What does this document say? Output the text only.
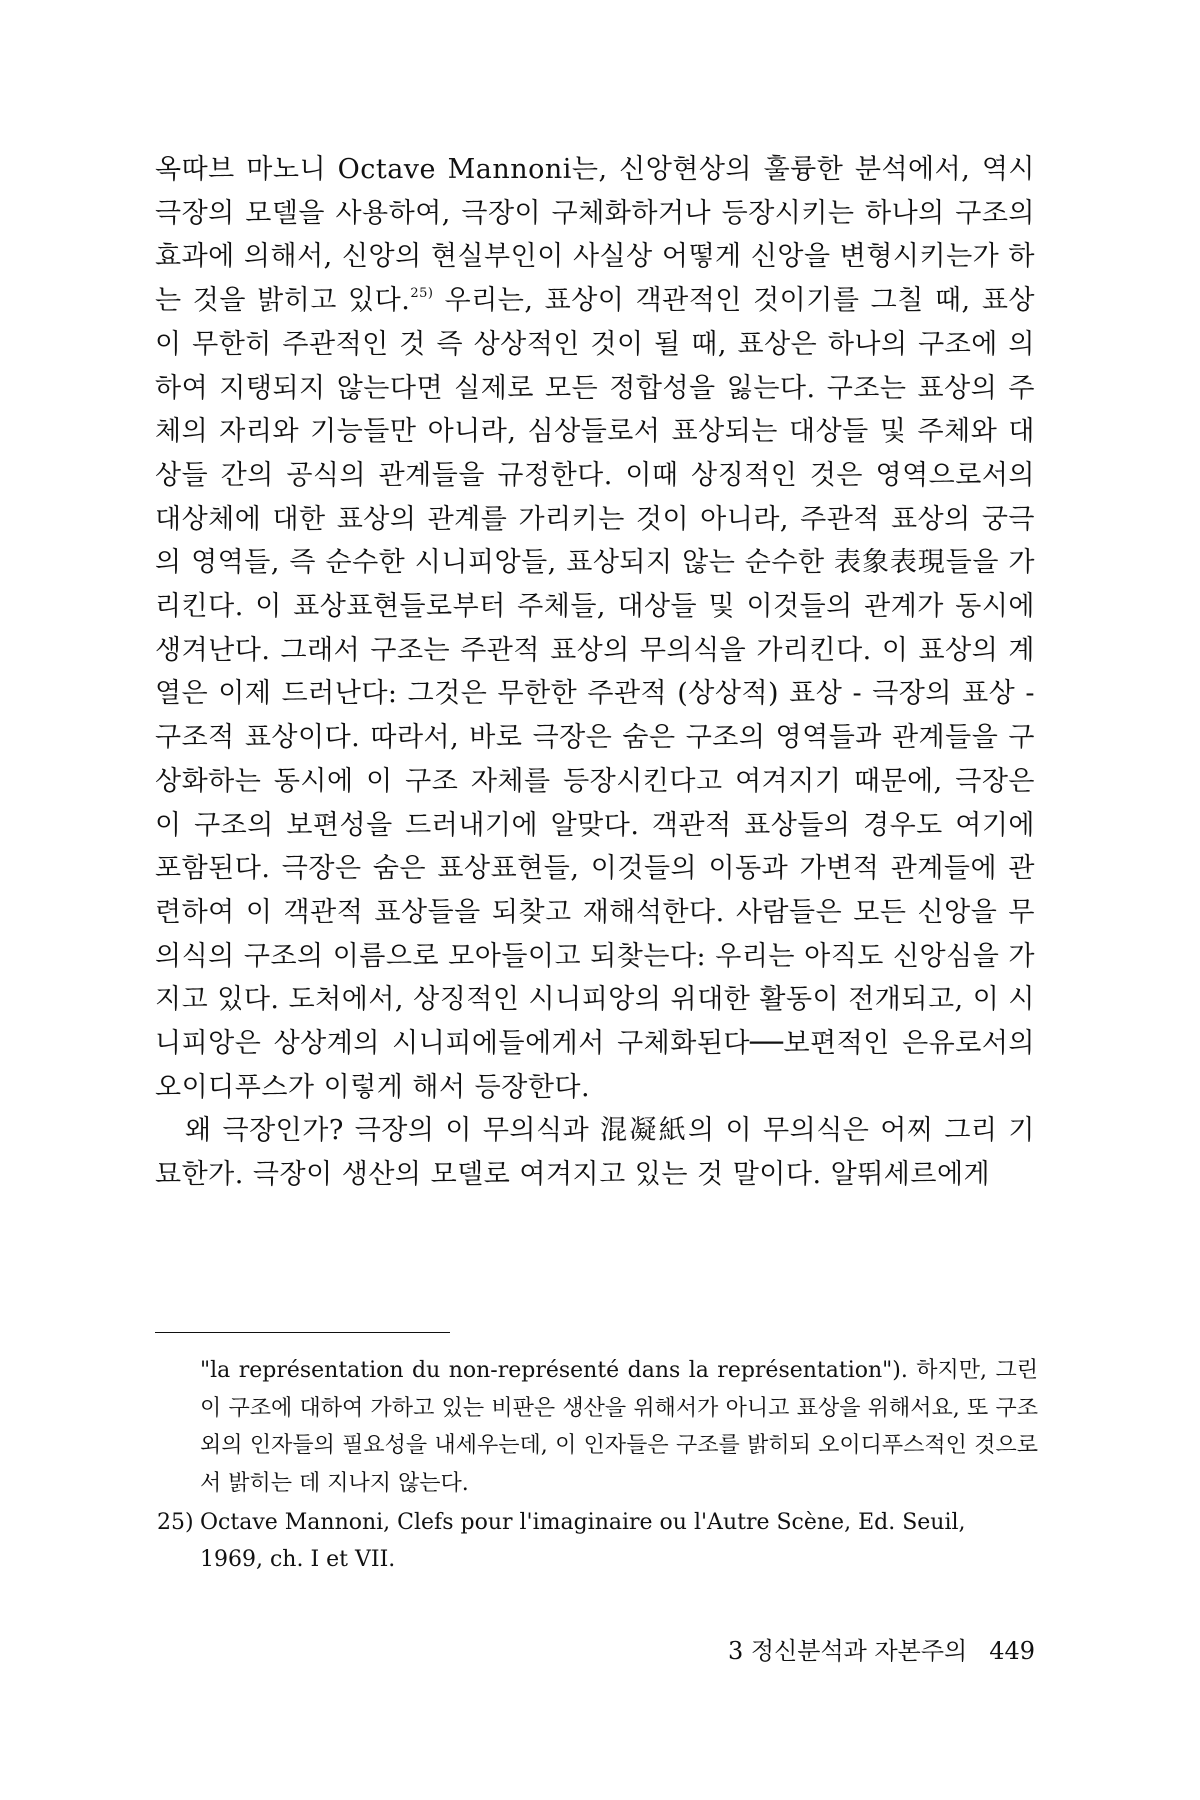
옥따브 마노니 Octave Mannoni는, 신앙현상의 훌륭한 분석에서, 역시 극장의 모델을 사용하여, 극장이 구체화하거나 등장시키는 하나의 구조의 효과에 의해서, 신앙의 현실부인이 사실상 어떻게 신앙을 변형시키는가 하는 것을 밝히고 있다.$^{25)}$ 우리는, 표상이 객관적인 것이기를 그칠 때, 표상이 무한히 주관적인 것 즉 상상적인 것이 될 때, 표상은 하나의 구조에 의하여 지탱되지 않는다면 실제로 모든 정합성을 잃는다. 구조는 표상의 주체의 자리와 기능들만 아니라, 심상들로서 표상되는 대상들 및 주체와 대상들 간의 공식의 관계들을 규정한다. 이때 상징적인 것은 영역으로서의 대상체에 대한 표상의 관계를 가리키는 것이 아니라, 주관적 표상의 궁극의 영역들, 즉 순수한 시니피앙들, 표상되지 않는 순수한 表象表現들을 가리킨다. 이 표상표현들로부터 주체들, 대상들 및 이것들의 관계가 동시에 생겨난다. 그래서 구조는 주관적 표상의 무의식을 가리킨다. 이 표상의 계열은 이제 드러난다: 그것은 무한한 주관적 (상상적) 표상 - 극장의 표상 - 구조적 표상이다. 따라서, 바로 극장은 숨은 구조의 영역들과 관계들을 구상화하는 동시에 이 구조 자체를 등장시킨다고 여겨지기 때문에, 극장은 이 구조의 보편성을 드러내기에 알맞다. 객관적 표상들의 경우도 여기에 포함된다. 극장은 숨은 표상표현들, 이것들의 이동과 가변적 관계들에 관련하여 이 객관적 표상들을 되찾고 재해석한다. 사람들은 모든 신앙을 무의식의 구조의 이름으로 모아들이고 되찾는다: 우리는 아직도 신앙심을 가지고 있다. 도처에서, 상징적인 시니피앙의 위대한 활동이 전개되고, 이 시니피앙은 상상계의 시니피에들에게서 구체화된다──보편적인 은유로서의 오이디푸스가 이렇게 해서 등장한다.

왜 극장인가? 극장의 이 무의식과 混凝紙의 이 무의식은 어찌 그리 기묘한가. 극장이 생산의 모델로 여겨지고 있는 것 말이다. 알뛰세르에게

"la représentation du non-représenté dans la représentation"). 하지만, 그린이 구조에 대하여 가하고 있는 비판은 생산을 위해서가 아니고 표상을 위해서요, 또 구조 외의 인자들의 필요성을 내세우는데, 이 인자들은 구조를 밝히되 오이디푸스적인 것으로서 밝히는 데 지나지 않는다.
25) Octave Mannoni, Clefs pour l'imaginaire ou l'Autre Scène, Ed. Seuil,
1969, ch. I et VII.
3 정신분석과 자본주의 449
